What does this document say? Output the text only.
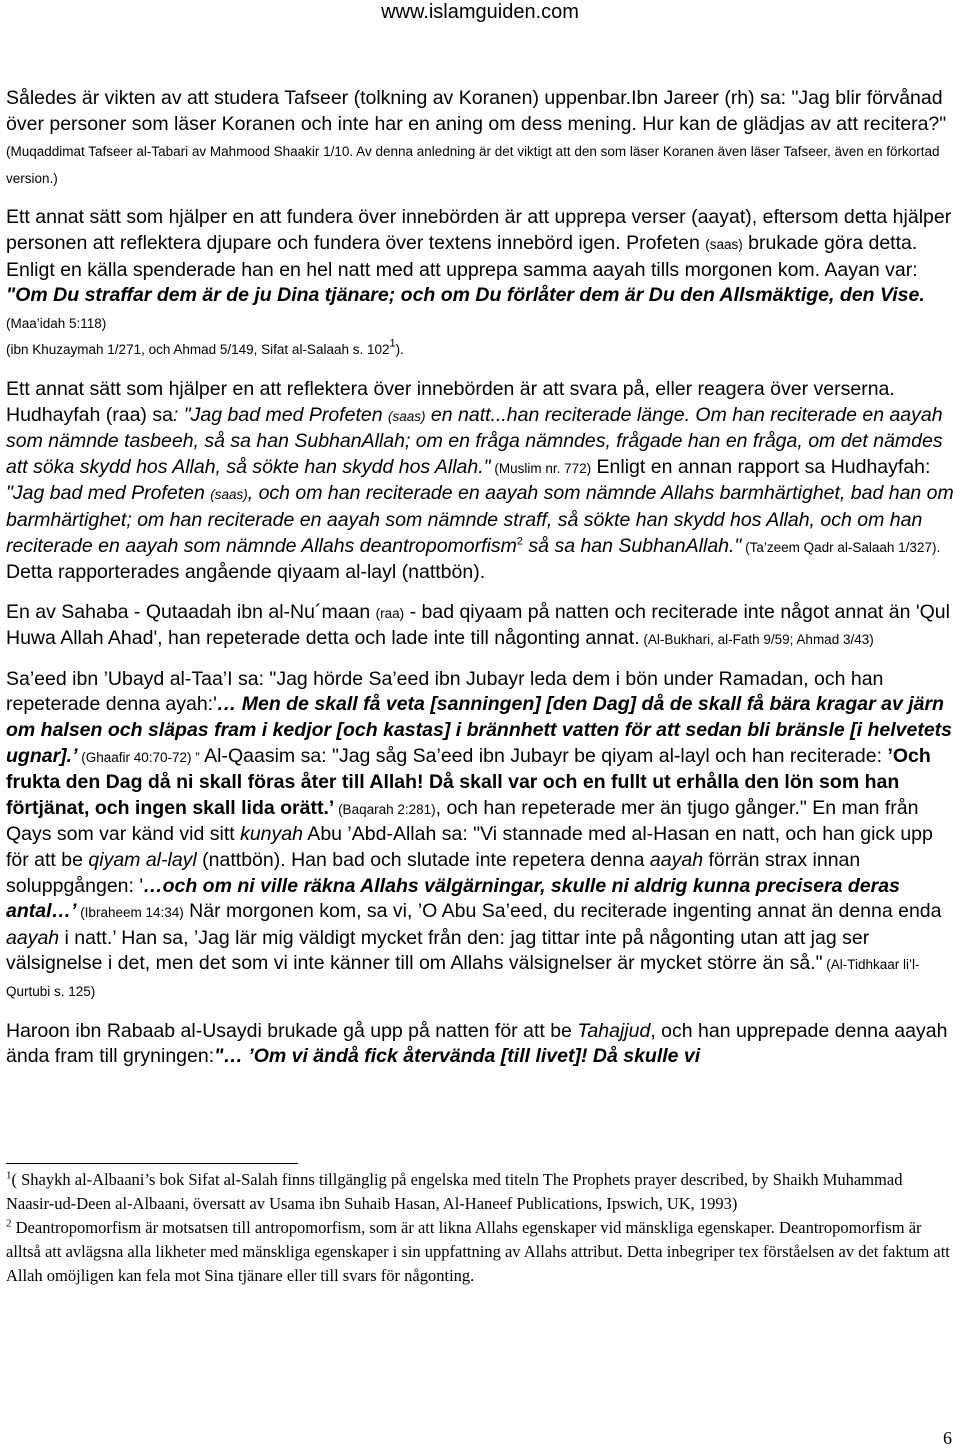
www.islamguiden.com

Således är vikten av att studera Tafseer (tolkning av Koranen) uppenbar.Ibn Jareer (rh) sa: "Jag blir förvånad över personer som läser Koranen och inte har en aning om dess mening. Hur kan de glädjas av att recitera?" (Muqaddimat Tafseer al-Tabari av Mahmood Shaakir 1/10. Av denna anledning är det viktigt att den som läser Koranen även läser Tafseer, även en förkortad version.)

Ett annat sätt som hjälper en att fundera över innebörden är att upprepa verser (aayat), eftersom detta hjälper personen att reflektera djupare och fundera över textens innebörd igen. Profeten (saas) brukade göra detta. Enligt en källa spenderade han en hel natt med att upprepa samma aayah tills morgonen kom. Aayan var: "Om Du straffar dem är de ju Dina tjänare; och om Du förlåter dem är Du den Allsmäktige, den Vise. (Maa’idah 5:118)
(ibn Khuzaymah 1/271, och Ahmad 5/149, Sifat al-Salaah s. $102^1$).

Ett annat sätt som hjälper en att reflektera över innebörden är att svara på, eller reagera över verserna. Hudhayfah (raa) sa: "Jag bad med Profeten (saas) en natt...han reciterade länge. Om han reciterade en aayah som nämnde tasbeeh, så sa han SubhanAllah; om en fråga nämndes, frågade han en fråga, om det nämdes att söka skydd hos Allah, så sökte han skydd hos Allah." (Muslim nr. 772) Enligt en annan rapport sa Hudhayfah: "Jag bad med Profeten (saas), och om han reciterade en aayah som nämnde Allahs barmhärtighet, bad han om barmhärtighet; om han reciterade en aayah som nämnde straff, så sökte han skydd hos Allah, och om han reciterade en aayah som nämnde Allahs deantropomorfism$^2$ så sa han SubhanAllah." (Ta’zeem Qadr al-Salaah 1/327). Detta rapporterades angående qiyaam al-layl (nattbön).

En av Sahaba - Qutaadah ibn al-Nu´maan (raa) - bad qiyaam på natten och reciterade inte något annat än 'Qul Huwa Allah Ahad', han repeterade detta och lade inte till någonting annat. (Al-Bukhari, al-Fath 9/59; Ahmad 3/43)

Sa’eed ibn ’Ubayd al-Taa’I sa: "Jag hörde Sa’eed ibn Jubayr leda dem i bön under Ramadan, och han repeterade denna ayah:'… Men de skall få veta [sanningen] [den Dag] då de skall få bära kragar av järn om halsen och släpas fram i kedjor [och kastas] i brännhett vatten för att sedan bli bränsle [i helvetets ugnar].’ (Ghaafir 40:70-72) ” Al-Qaasim sa: "Jag såg Sa’eed ibn Jubayr be qiyam al-layl och han reciterade: ’Och frukta den Dag då ni skall föras åter till Allah! Då skall var och en fullt ut erhålla den lön som han förtjänat, och ingen skall lida orätt.’ (Baqarah 2:281), och han repeterade mer än tjugo gånger." En man från Qays som var känd vid sitt kunyah Abu ’Abd-Allah sa: "Vi stannade med al-Hasan en natt, och han gick upp för att be qiyam al-layl (nattbön). Han bad och slutade inte repetera denna aayah förrän strax innan soluppgången: '…och om ni ville räkna Allahs välgärningar, skulle ni aldrig kunna precisera deras antal…’ (Ibraheem 14:34) När morgonen kom, sa vi, ’O Abu Sa’eed, du reciterade ingenting annat än denna enda aayah i natt.’ Han sa, ’Jag lär mig väldigt mycket från den: jag tittar inte på någonting utan att jag ser välsignelse i det, men det som vi inte känner till om Allahs välsignelser är mycket större än så." (Al-Tidhkaar li’l-Qurtubi s. 125)

Haroon ibn Rabaab al-Usaydi brukade gå upp på natten för att be Tahajjud, och han upprepade denna aayah ända fram till gryningen:"… ’Om vi ändå fick återvända [till livet]! Då skulle vi

$^1$( Shaykh al-Albaani’s bok Sifat al-Salah finns tillgänglig på engelska med titeln The Prophets prayer described, by Shaikh Muhammad Naasir-ud-Deen al-Albaani, översatt av Usama ibn Suhaib Hasan, Al-Haneef Publications, Ipswich, UK, 1993)

$^2$ Deantropomorfism är motsatsen till antropomorfism, som är att likna Allahs egenskaper vid mänskliga egenskaper. Deantropomorfism är alltså att avlägsna alla likheter med mänskliga egenskaper i sin uppfattning av Allahs attribut. Detta inbegriper tex förståelsen av det faktum att Allah omöjligen kan fela mot Sina tjänare eller till svars för någonting.

6
